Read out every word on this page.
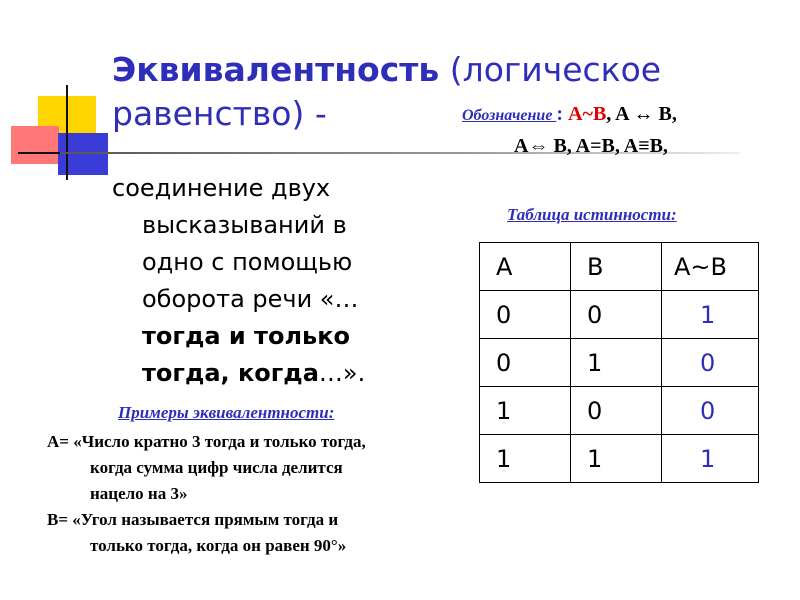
Эквивалентность (логическое равенство) -	Обозначение : A~B, A ↔ B,
A⇔ B, A=B, A≡B,
соединение двух
высказываний в
одно с помощью
оборота речи «…
тогда и только
тогда, когда…».
Примеры эквивалентности:
A= «Число кратно 3 тогда и только тогда,
когда сумма цифр числа делится
нацело на 3»
B= «Угол называется прямым тогда и
только тогда, когда он равен 90°»
Таблица истинности:
A	B	A~B
0	0	1
0	1	0
1	0	0
1	1	1
